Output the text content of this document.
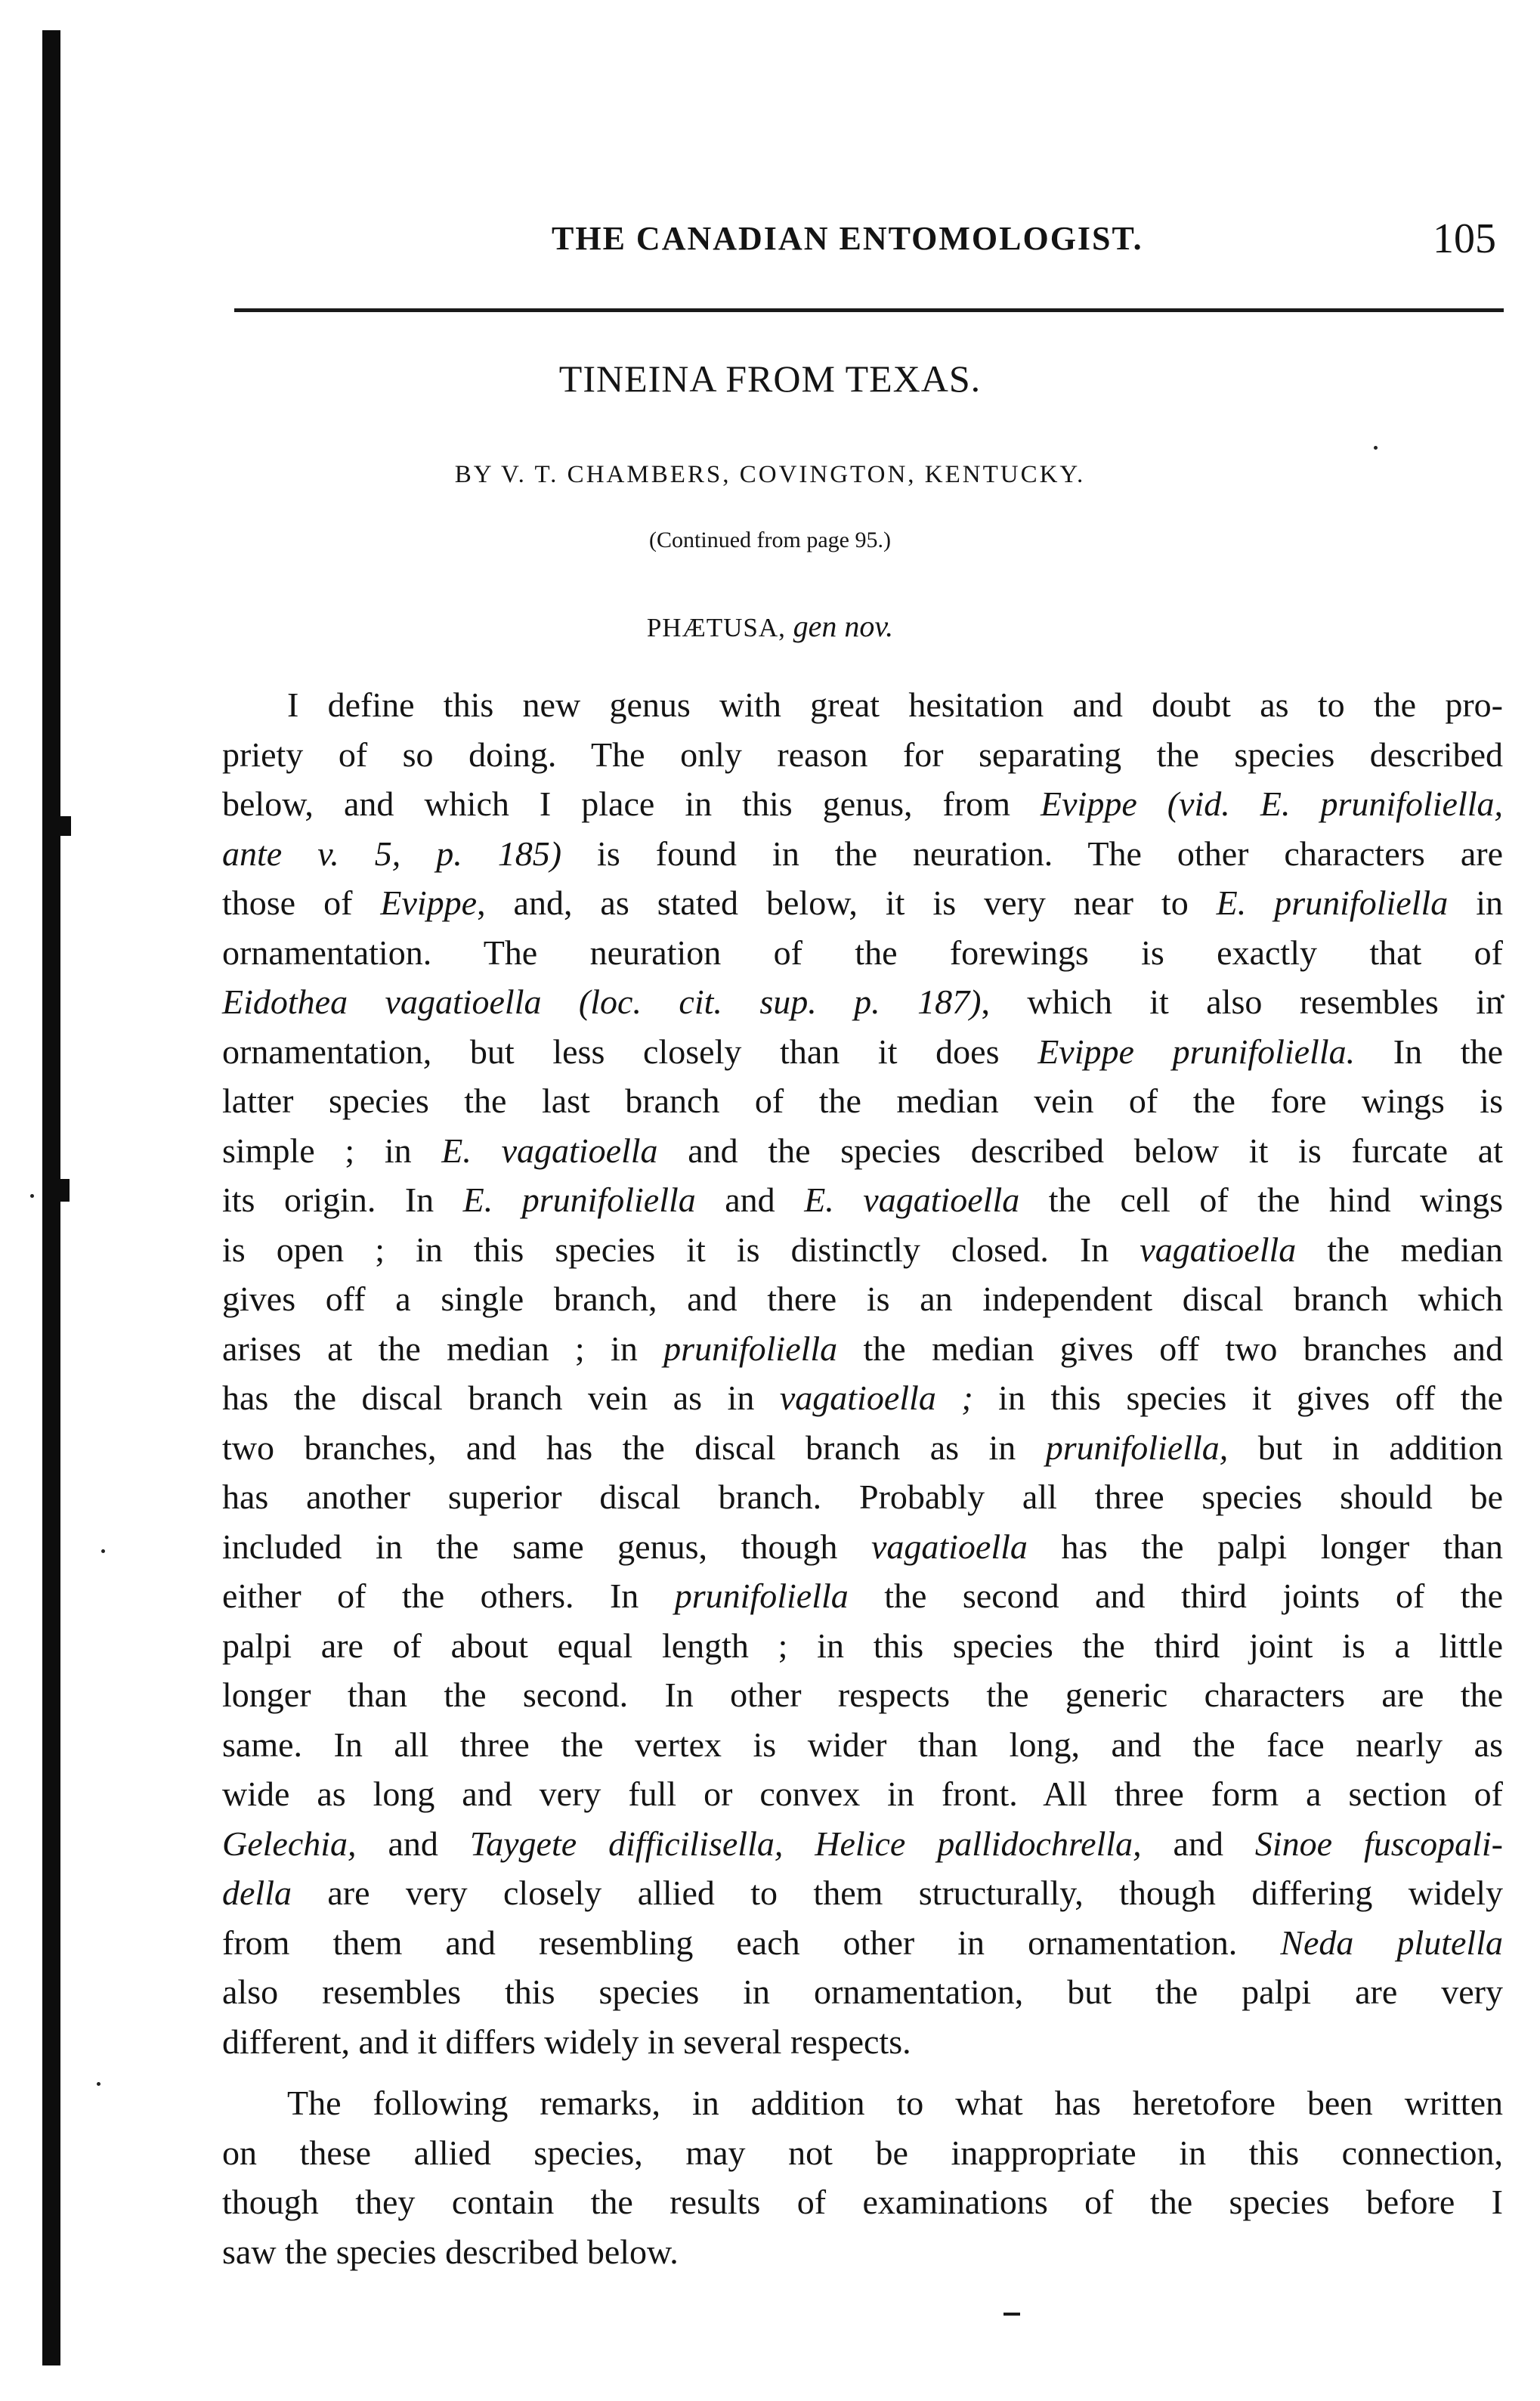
THE CANADIAN ENTOMOLOGIST.	105
TINEINA FROM TEXAS.
BY V. T. CHAMBERS, COVINGTON, KENTUCKY.
(Continued from page 95.)
PHÆTUSA, gen nov.
I define this new genus with great hesitation and doubt as to the pro-
priety of so doing. The only reason for separating the species described
below, and which I place in this genus, from Evippe (vid. E. prunifoliella,
ante v. 5, p. 185) is found in the neuration. The other characters are
those of Evippe, and, as stated below, it is very near to E. prunifoliella in
ornamentation. The neuration of the forewings is exactly that of
Eidothea vagatioella (loc. cit. sup. p. 187), which it also resembles in
ornamentation, but less closely than it does Evippe prunifoliella. In the
latter species the last branch of the median vein of the fore wings is
simple ; in E. vagatioella and the species described below it is furcate at
its origin. In E. prunifoliella and E. vagatioella the cell of the hind wings
is open ; in this species it is distinctly closed. In vagatioella the median
gives off a single branch, and there is an independent discal branch which
arises at the median ; in prunifoliella the median gives off two branches and
has the discal branch vein as in vagatioella ; in this species it gives off the
two branches, and has the discal branch as in prunifoliella, but in addition
has another superior discal branch. Probably all three species should be
included in the same genus, though vagatioella has the palpi longer than
either of the others. In prunifoliella the second and third joints of the
palpi are of about equal length ; in this species the third joint is a little
longer than the second. In other respects the generic characters are the
same. In all three the vertex is wider than long, and the face nearly as
wide as long and very full or convex in front. All three form a section of
Gelechia, and Taygete difficilisella, Helice pallidochrella, and Sinoe fuscopali-
della are very closely allied to them structurally, though differing widely
from them and resembling each other in ornamentation. Neda plutella
also resembles this species in ornamentation, but the palpi are very
different, and it differs widely in several respects.
The following remarks, in addition to what has heretofore been written
on these allied species, may not be inappropriate in this connection,
though they contain the results of examinations of the species before I
saw the species described below.
